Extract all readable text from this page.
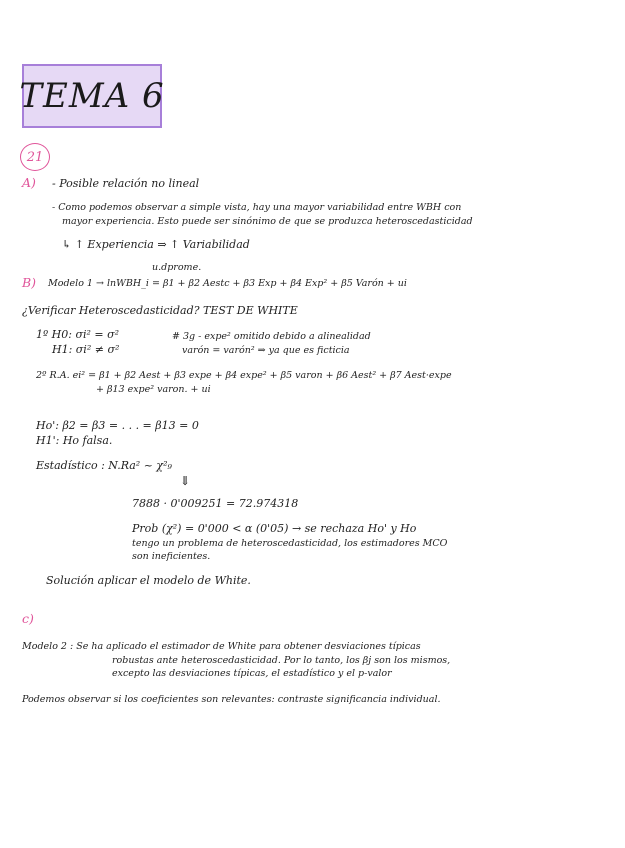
TEMA 6
21
A) - Posible relación no lineal
- Como podemos observar a simple vista, hay una mayor variabilidad entre WBH con
mayor experiencia. Esto puede ser sinónimo de que se produzca heteroscedasticidad
↳ ↑ Experiencia ⇒ ↑ Variabilidad
u.dprome.
B) Modelo 1 → lnWBH_i = β1 + β2 Aestc + β3 Exp + β4 Exp² + β5 Varón + ui
¿Verificar Heteroscedasticidad? TEST DE WHITE
1º H0: σi² = σ²
H1: σi² ≠ σ²
# 3g - expe² omitido debido a alinealidad
varón = varón² ⇒ ya que es ficticia
2º R.A. ei² = β1 + β2 Aest + β3 expe + β4 expe² + β5 varon + β6 Aest² + β7 Aest·expe
+ β13 expe² varon. + ui
Ho': β2 = β3 = . . . = β13 = 0
H1': Ho falsa.
Estadístico : N.Ra² ~ χ²₉
⇓
7888 · 0'009251 = 72.974318
Prob (χ²) = 0'000 < α (0'05) → se rechaza Ho' y Ho
tengo un problema de heteroscedasticidad, los estimadores MCO
son ineficientes.
Solución aplicar el modelo de White.
c)
Modelo 2 : Se ha aplicado el estimador de White para obtener desviaciones típicas
robustas ante heteroscedasticidad. Por lo tanto, los βj son los mismos,
excepto las desviaciones típicas, el estadístico y el p-valor
Podemos observar si los coeficientes son relevantes: contraste significancia individual.
